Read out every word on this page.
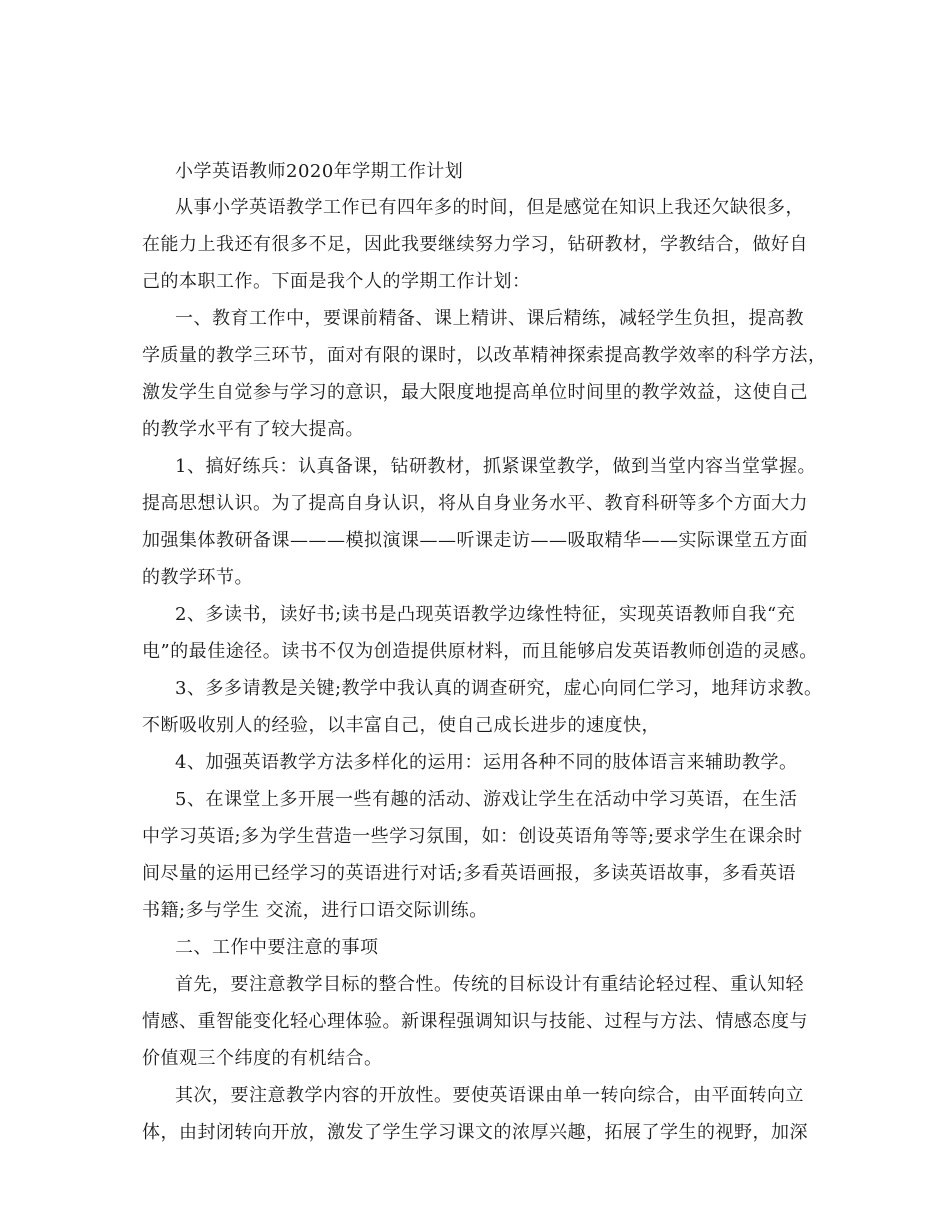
小学英语教师2020年学期工作计划
从事小学英语教学工作已有四年多的时间，但是感觉在知识上我还欠缺很多，
在能力上我还有很多不足，因此我要继续努力学习，钻研教材，学教结合，做好自
己的本职工作。下面是我个人的学期工作计划：
一、教育工作中，要课前精备、课上精讲、课后精练，减轻学生负担，提高教
学质量的教学三环节，面对有限的课时，以改革精神探索提高教学效率的科学方法，
激发学生自觉参与学习的意识，最大限度地提高单位时间里的教学效益，这使自己
的教学水平有了较大提高。
1、搞好练兵：认真备课，钻研教材，抓紧课堂教学，做到当堂内容当堂掌握。
提高思想认识。为了提高自身认识，将从自身业务水平、教育科研等多个方面大力
加强集体教研备课———模拟演课——听课走访——吸取精华——实际课堂五方面
的教学环节。
2、多读书，读好书;读书是凸现英语教学边缘性特征，实现英语教师自我“充
电”的最佳途径。读书不仅为创造提供原材料，而且能够启发英语教师创造的灵感。
3、多多请教是关键;教学中我认真的调查研究，虚心向同仁学习，地拜访求教。
不断吸收别人的经验，以丰富自己，使自己成长进步的速度快，
4、加强英语教学方法多样化的运用：运用各种不同的肢体语言来辅助教学。
5、在课堂上多开展一些有趣的活动、游戏让学生在活动中学习英语，在生活
中学习英语;多为学生营造一些学习氛围，如：创设英语角等等;要求学生在课余时
间尽量的运用已经学习的英语进行对话;多看英语画报，多读英语故事，多看英语
书籍;多与学生 交流，进行口语交际训练。
二、工作中要注意的事项
首先，要注意教学目标的整合性。传统的目标设计有重结论轻过程、重认知轻
情感、重智能变化轻心理体验。新课程强调知识与技能、过程与方法、情感态度与
价值观三个纬度的有机结合。
其次，要注意教学内容的开放性。要使英语课由单一转向综合，由平面转向立
体，由封闭转向开放，激发了学生学习课文的浓厚兴趣，拓展了学生的视野，加深
